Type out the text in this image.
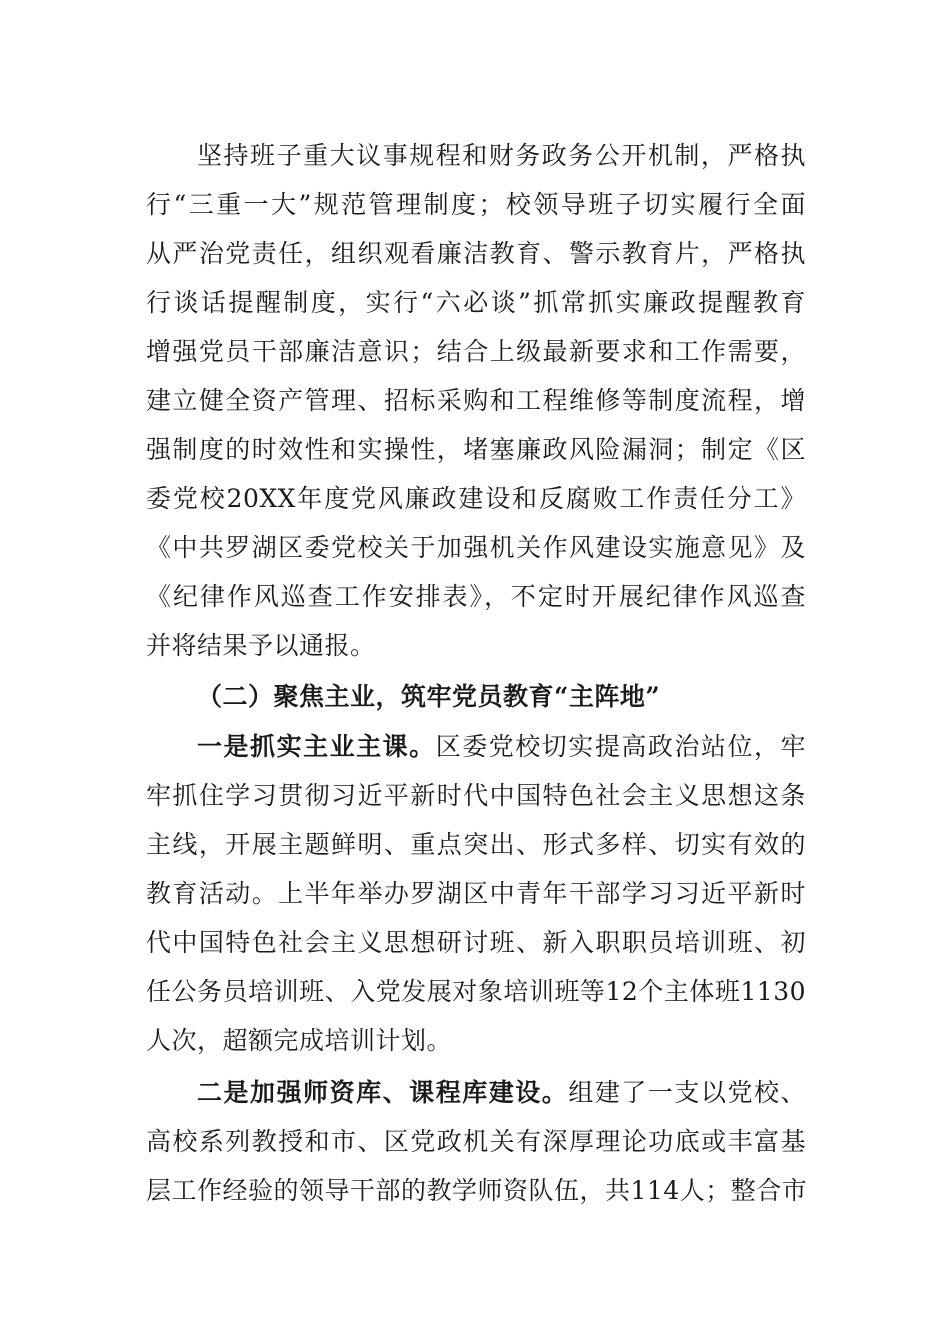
坚持班子重大议事规程和财务政务公开机制，严格执
行“三重一大”规范管理制度；校领导班子切实履行全面
从严治党责任，组织观看廉洁教育、警示教育片，严格执
行谈话提醒制度，实行“六必谈”抓常抓实廉政提醒教育
增强党员干部廉洁意识；结合上级最新要求和工作需要，
建立健全资产管理、招标采购和工程维修等制度流程，增
强制度的时效性和实操性，堵塞廉政风险漏洞；制定《区
委党校20XX年度党风廉政建设和反腐败工作责任分工》
《中共罗湖区委党校关于加强机关作风建设实施意见》及
《纪律作风巡查工作安排表》，不定时开展纪律作风巡查
并将结果予以通报。
（二）聚焦主业，筑牢党员教育“主阵地”
一是抓实主业主课。区委党校切实提高政治站位，牢
牢抓住学习贯彻习近平新时代中国特色社会主义思想这条
主线，开展主题鲜明、重点突出、形式多样、切实有效的
教育活动。上半年举办罗湖区中青年干部学习习近平新时
代中国特色社会主义思想研讨班、新入职职员培训班、初
任公务员培训班、入党发展对象培训班等12个主体班1130
人次，超额完成培训计划。
二是加强师资库、课程库建设。组建了一支以党校、
高校系列教授和市、区党政机关有深厚理论功底或丰富基
层工作经验的领导干部的教学师资队伍，共114人；整合市
